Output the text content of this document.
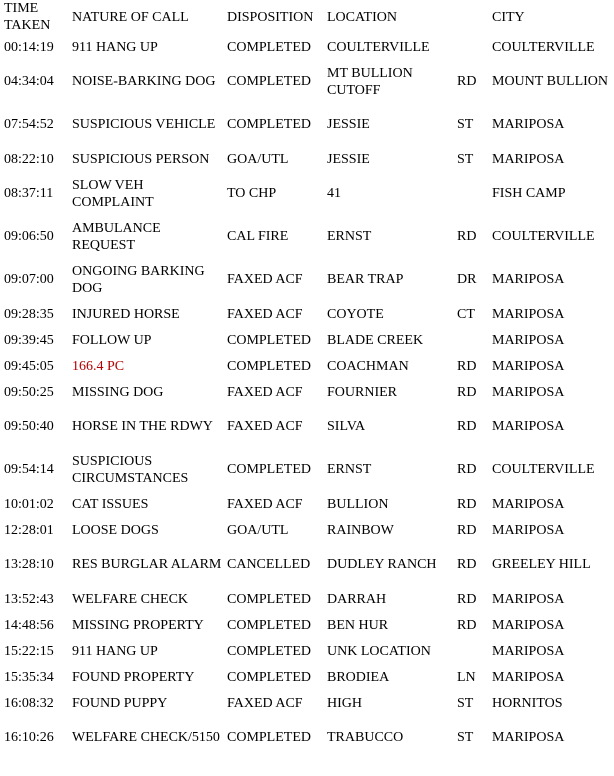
TIME TAKEN	NATURE OF CALL	DISPOSITION	LOCATION		CITY
00:14:19	911 HANG UP	COMPLETED	COULTERVILLE		COULTERVILLE
04:34:04	NOISE-BARKING DOG	COMPLETED	MT BULLION CUTOFF	RD	MOUNT BULLION
07:54:52	SUSPICIOUS VEHICLE	COMPLETED	JESSIE	ST	MARIPOSA
08:22:10	SUSPICIOUS PERSON	GOA/UTL	JESSIE	ST	MARIPOSA
08:37:11	SLOW VEH COMPLAINT	TO CHP	41		FISH CAMP
09:06:50	AMBULANCE REQUEST	CAL FIRE	ERNST	RD	COULTERVILLE
09:07:00	ONGOING BARKING DOG	FAXED ACF	BEAR TRAP	DR	MARIPOSA
09:28:35	INJURED HORSE	FAXED ACF	COYOTE	CT	MARIPOSA
09:39:45	FOLLOW UP	COMPLETED	BLADE CREEK		MARIPOSA
09:45:05	166.4 PC	COMPLETED	COACHMAN	RD	MARIPOSA
09:50:25	MISSING DOG	FAXED ACF	FOURNIER	RD	MARIPOSA
09:50:40	HORSE IN THE RDWY	FAXED ACF	SILVA	RD	MARIPOSA
09:54:14	SUSPICIOUS CIRCUMSTANCES	COMPLETED	ERNST	RD	COULTERVILLE
10:01:02	CAT ISSUES	FAXED ACF	BULLION	RD	MARIPOSA
12:28:01	LOOSE DOGS	GOA/UTL	RAINBOW	RD	MARIPOSA
13:28:10	RES BURGLAR ALARM	CANCELLED	DUDLEY RANCH	RD	GREELEY HILL
13:52:43	WELFARE CHECK	COMPLETED	DARRAH	RD	MARIPOSA
14:48:56	MISSING PROPERTY	COMPLETED	BEN HUR	RD	MARIPOSA
15:22:15	911 HANG UP	COMPLETED	UNK LOCATION		MARIPOSA
15:35:34	FOUND PROPERTY	COMPLETED	BRODIEA	LN	MARIPOSA
16:08:32	FOUND PUPPY	FAXED ACF	HIGH	ST	HORNITOS
16:10:26	WELFARE CHECK/5150	COMPLETED	TRABUCCO	ST	MARIPOSA
